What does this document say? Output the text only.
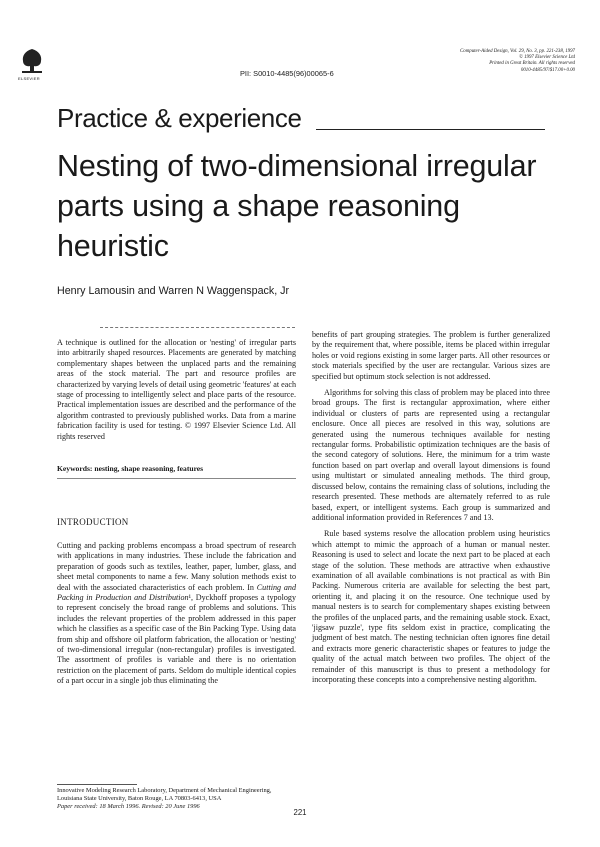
ELSEVIER
PII: S0010-4485(96)00065-6
Computer-Aided Design, Vol. 29, No. 3, pp. 221-238, 1997
© 1997 Elsevier Science Ltd
Printed in Great Britain. All rights reserved
0010-4485/97/$17.00+0.00
Practice & experience
Nesting of two-dimensional irregular parts using a shape reasoning heuristic
Henry Lamousin and Warren N Waggenspack, Jr
A technique is outlined for the allocation or 'nesting' of irregular parts into arbitrarily shaped resources. Placements are generated by matching complementary shapes between the unplaced parts and the remaining areas of the stock material. The part and resource profiles are characterized by varying levels of detail using geometric 'features' at each stage of processing to intelligently select and place parts of the resource. Practical implementation issues are described and the performance of the algorithm contrasted to previously published works. Data from a marine fabrication facility is used for testing. © 1997 Elsevier Science Ltd. All rights reserved
Keywords: nesting, shape reasoning, features
INTRODUCTION
Cutting and packing problems encompass a broad spectrum of research with applications in many industries. These include the fabrication and preparation of goods such as textiles, leather, paper, lumber, glass, and sheet metal components to name a few. Many solution methods exist to deal with the associated characteristics of each problem. In Cutting and Packing in Production and Distribution¹, Dyckhoff proposes a typology to represent concisely the broad range of problems and solutions. This includes the relevant properties of the problem addressed in this paper which he classifies as a specific case of the Bin Packing Type. Using data from ship and offshore oil platform fabrication, the allocation or 'nesting' of two-dimensional irregular (non-rectangular) profiles is investigated. The assortment of profiles is variable and there is no orientation restriction on the placement of parts. Seldom do multiple identical copies of a part occur in a single job thus eliminating the
Innovative Modeling Research Laboratory, Department of Mechanical Engineering, Louisiana State University, Baton Rouge, LA 70803-6413, USA
Paper received: 18 March 1996. Revised: 20 June 1996

benefits of part grouping strategies. The problem is further generalized by the requirement that, where possible, items be placed within irregular holes or void regions existing in some larger parts. All other resources or stock materials specified by the user are rectangular. Various sizes are specified but optimum stock selection is not addressed.

Algorithms for solving this class of problem may be placed into three broad groups. The first is rectangular approximation, where either individual or clusters of parts are represented using a rectangular enclosure. Once all pieces are resolved in this way, solutions are generated using the numerous techniques available for nesting rectangular forms. Probabilistic optimization techniques are the basis of the second category of solutions. Here, the minimum for a trim waste function based on part overlap and overall layout dimensions is found using multistart or simulated annealing methods. The third group, discussed below, contains the remaining class of solutions, including the research presented. These methods are alternately referred to as rule based, expert, or intelligent systems. Each group is summarized and additional information provided in References 7 and 13.

Rule based systems resolve the allocation problem using heuristics which attempt to mimic the approach of a human or manual nester. Reasoning is used to select and locate the next part to be placed at each stage of the solution. These methods are attractive when exhaustive examination of all available combinations is not practical as with Bin Packing. Numerous criteria are available for selecting the best part, orienting it, and placing it on the resource. One technique used by manual nesters is to search for complementary shapes existing between the profiles of the unplaced parts, and the remaining usable stock. Exact, 'jigsaw puzzle', type fits seldom exist in practice, complicating the judgment of best match. The nesting technician often ignores fine detail and extracts more generic characteristic shapes or features to judge the quality of the actual match between two profiles. The object of the remainder of this manuscript is thus to present a methodology for incorporating these concepts into a comprehensive nesting algorithm.

221
